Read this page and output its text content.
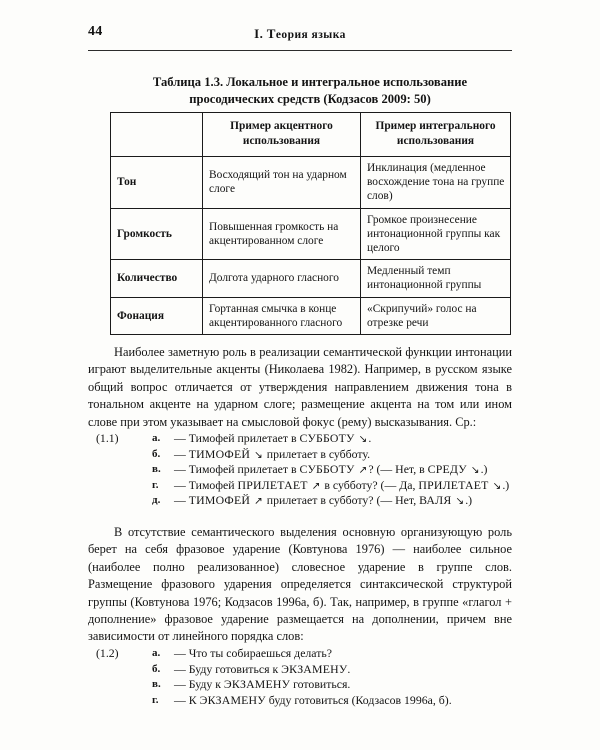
44	I. Теория языка
Таблица 1.3. Локальное и интегральное использование
просодических средств (Кодзасов 2009: 50)
	Пример акцентного использования	Пример интегрального использования
Тон	Восходящий тон на ударном слоге	Инклинация (медленное восхождение тона на группе слов)
Громкость	Повышенная громкость на акцентированном слоге	Громкое произнесение интонационной группы как целого
Количество	Долгота ударного гласного	Медленный темп интонационной группы
Фонация	Гортанная смычка в конце акцентированного гласного	«Скрипучий» голос на отрезке речи
Наиболее заметную роль в реализации семантической функции интонации играют выделительные акценты (Николаева 1982). Например, в русском языке общий вопрос отличается от утверждения направлением движения тона в тональном акценте на ударном слоге; размещение акцента на том или ином слове при этом указывает на смысловой фокус (рему) высказывания. Ср.:
(1.1)	а.	— Тимофей прилетает в СУББОТУ ↘.
б.	— ТИМОФЕЙ ↘ прилетает в субботу.
в.	— Тимофей прилетает в СУББОТУ ↗? (— Нет, в СРЕДУ ↘.)
г.	— Тимофей ПРИЛЕТАЕТ ↗ в субботу? (— Да, ПРИЛЕТАЕТ ↘.)
д.	— ТИМОФЕЙ ↗ прилетает в субботу? (— Нет, ВАЛЯ ↘.)
В отсутствие семантического выделения основную организующую роль берет на себя фразовое ударение (Ковтунова 1976) — наиболее сильное (наиболее полно реализованное) словесное ударение в группе слов. Размещение фразового ударения определяется синтаксической структурой группы (Ковтунова 1976; Кодзасов 1996а, б). Так, например, в группе «глагол + дополнение» фразовое ударение размещается на дополнении, причем вне зависимости от линейного порядка слов:
(1.2)	а.	— Что ты собираешься делать?
б.	— Буду готовиться к ЭКЗАМЕНУ.
в.	— Буду к ЭКЗАМЕНУ готовиться.
г.	— К ЭКЗАМЕНУ буду готовиться (Кодзасов 1996а, б).
